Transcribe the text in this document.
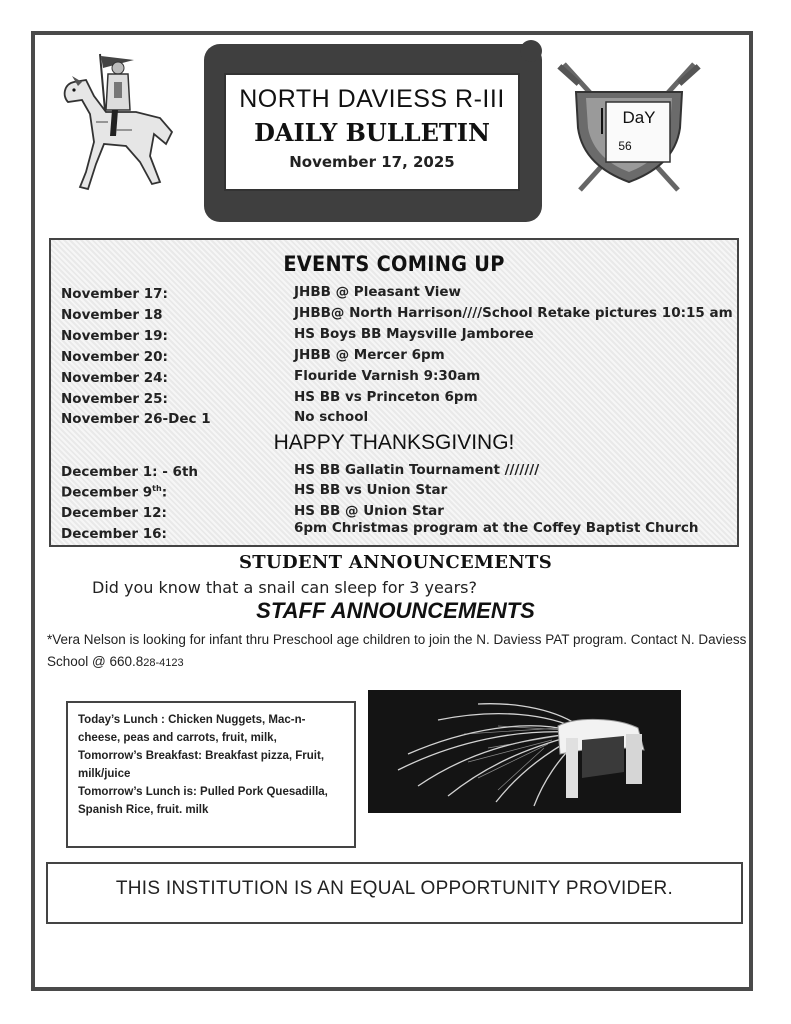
NORTH DAVIESS R-III
DAILY BULLETIN
November 17, 2025
DaY
56
EVENTS COMING UP
November 17:	JHBB @ Pleasant View
November 18	JHBB@ North Harrison////School Retake pictures 10:15 am
November 19:	HS Boys BB Maysville Jamboree
November 20:	JHBB @ Mercer 6pm
November 24:	Flouride Varnish 9:30am
November 25:	HS BB vs Princeton 6pm
November 26-Dec 1	No school
HAPPY THANKSGIVING!
December 1: - 6th	HS BB Gallatin Tournament ///////
December 9th:	HS BB vs Union Star
December 12:	HS BB @ Union Star
December 16:	6pm Christmas program at the Coffey Baptist Church
STUDENT ANNOUNCEMENTS
Did you know that a snail can sleep for 3 years?
STAFF ANNOUNCEMENTS
*Vera Nelson is looking for infant thru Preschool age children to join the N. Daviess PAT program. Contact N. Daviess School @ 660.828-4123
Today’s Lunch : Chicken Nuggets, Mac-n-
cheese, peas and carrots, fruit, milk,
Tomorrow’s Breakfast: Breakfast pizza, Fruit,
milk/juice
Tomorrow’s Lunch is: Pulled Pork Quesadilla,
Spanish Rice, fruit. milk
THIS INSTITUTION IS AN EQUAL OPPORTUNITY PROVIDER.
